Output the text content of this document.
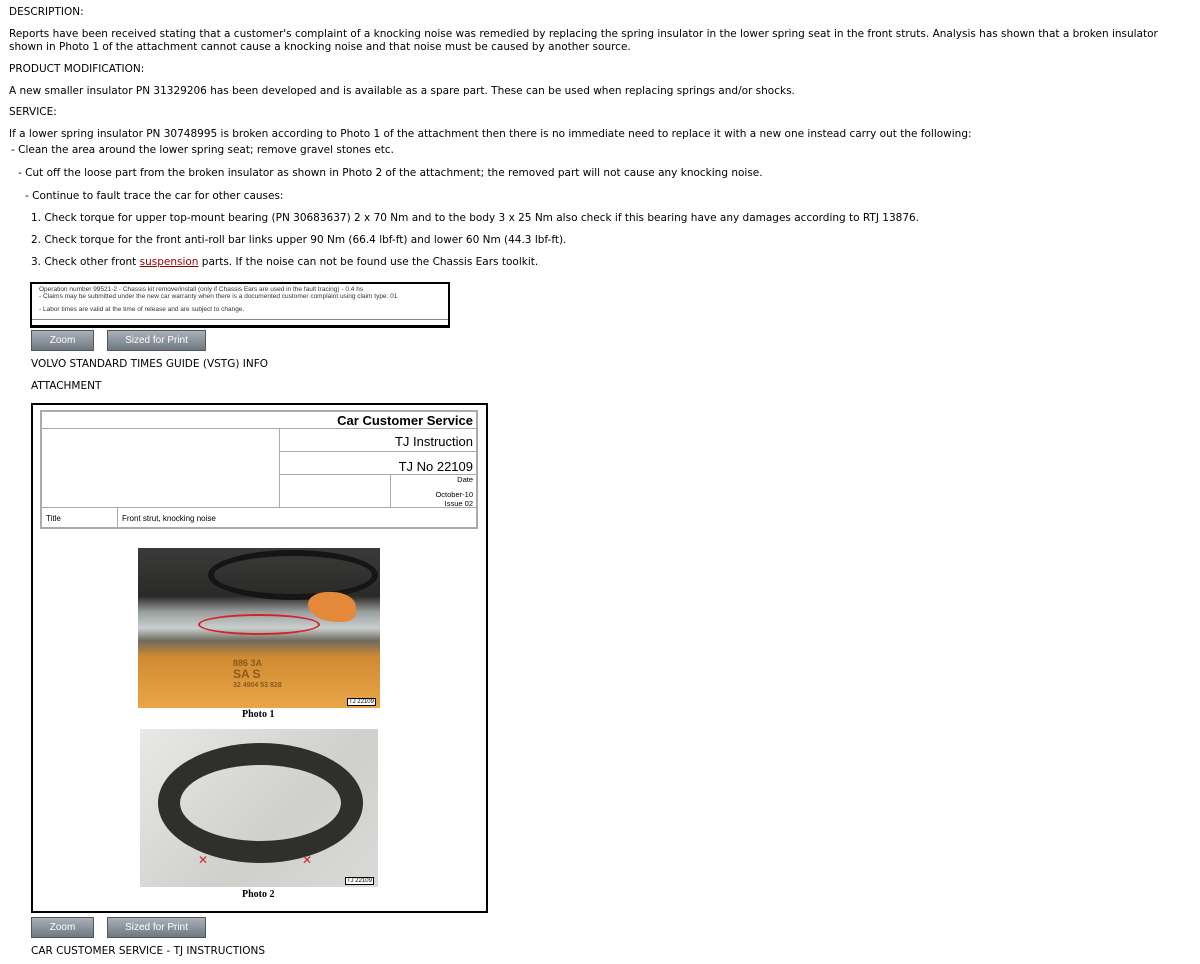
DESCRIPTION:
Reports have been received stating that a customer's complaint of a knocking noise was remedied by replacing the spring insulator in the lower spring seat in the front struts. Analysis has shown that a broken insulator shown in Photo 1 of the attachment cannot cause a knocking noise and that noise must be caused by another source.
PRODUCT MODIFICATION:
A new smaller insulator PN 31329206 has been developed and is available as a spare part. These can be used when replacing springs and/or shocks.
SERVICE:
If a lower spring insulator PN 30748995 is broken according to Photo 1 of the attachment then there is no immediate need to replace it with a new one instead carry out the following:
- Clean the area around the lower spring seat; remove gravel stones etc.
- Cut off the loose part from the broken insulator as shown in Photo 2 of the attachment; the removed part will not cause any knocking noise.
- Continue to fault trace the car for other causes:
1. Check torque for upper top-mount bearing (PN 30683637) 2 x 70 Nm and to the body 3 x 25 Nm also check if this bearing have any damages according to RTJ 13876.
2. Check torque for the front anti-roll bar links upper 90 Nm (66.4 lbf-ft) and lower 60 Nm (44.3 lbf-ft).
3. Check other front suspension parts. If the noise can not be found use the Chassis Ears toolkit.
Operation number 99521-2 - Chassis kit remove/install (only if Chassis Ears are used in the fault tracing) - 0.4 hs
- Claims may be submitted under the new car warranty when there is a documented customer complaint using claim type: 01
- Labor times are valid at the time of release and are subject to change.
Zoom	Sized for Print
VOLVO STANDARD TIMES GUIDE (VSTG) INFO
ATTACHMENT
Car Customer Service
TJ Instruction
TJ No 22109
Date
October-10
Issue 02
Title	Front strut, knocking noise
886 3A
SA S
32 4904 53 828
TJ 22109
Photo 1
✕	✕
TJ 22109
Photo 2
Zoom	Sized for Print
CAR CUSTOMER SERVICE - TJ INSTRUCTIONS
